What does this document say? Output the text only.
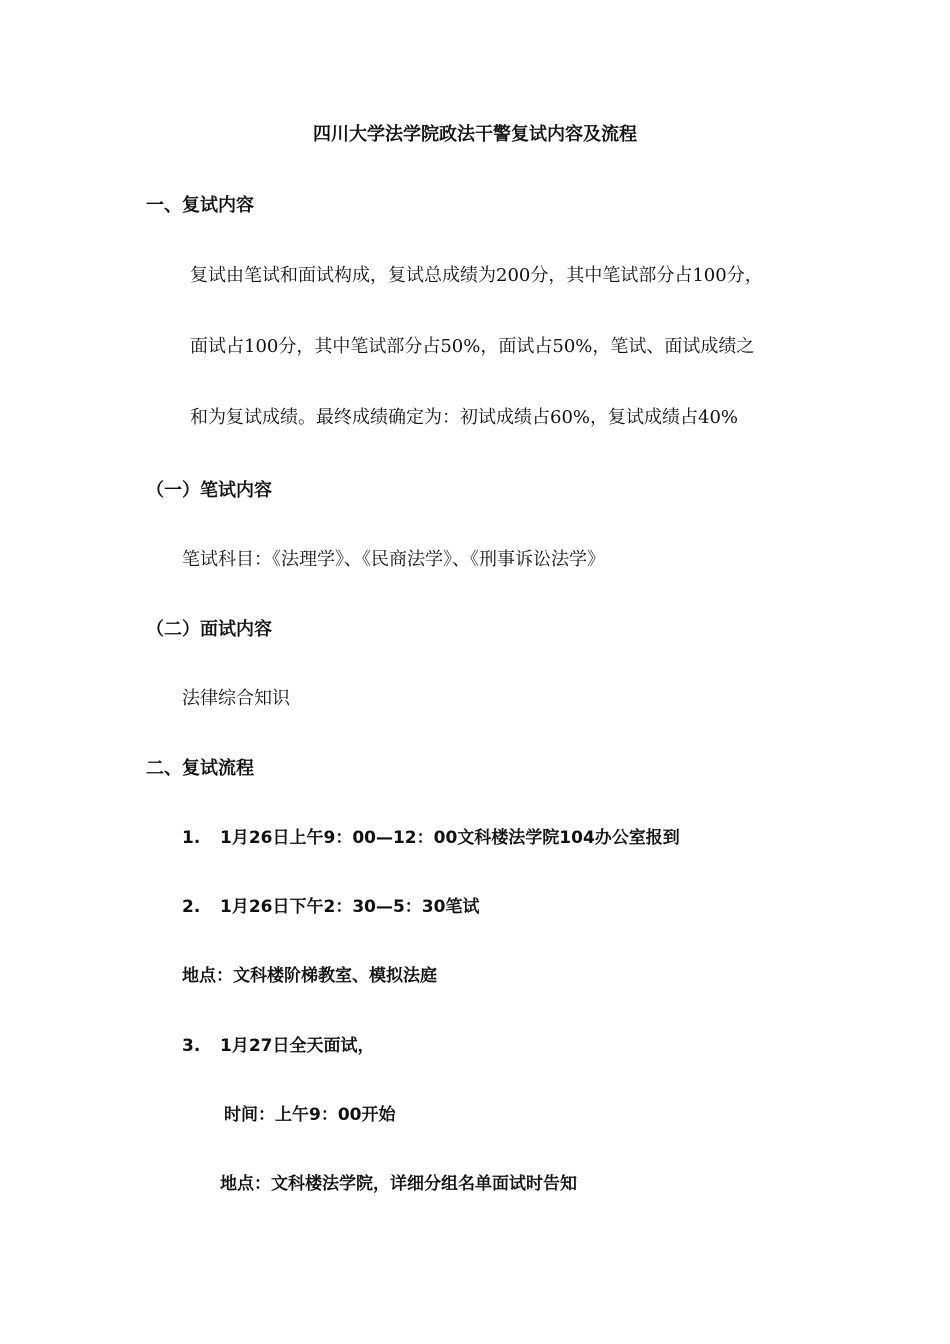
四川大学法学院政法干警复试内容及流程
一、复试内容
复试由笔试和面试构成，复试总成绩为200分，其中笔试部分占100分，
面试占100分，其中笔试部分占50%，面试占50%，笔试、面试成绩之
和为复试成绩。最终成绩确定为：初试成绩占60%，复试成绩占40%
（一）笔试内容
笔试科目：《法理学》、《民商法学》、《刑事诉讼法学》
（二）面试内容
法律综合知识
二、复试流程
1. 1月26日上午9：00—12：00文科楼法学院104办公室报到
2. 1月26日下午2：30—5：30笔试
地点：文科楼阶梯教室、模拟法庭
3. 1月27日全天面试，
时间：上午9：00开始
地点：文科楼法学院，详细分组名单面试时告知
